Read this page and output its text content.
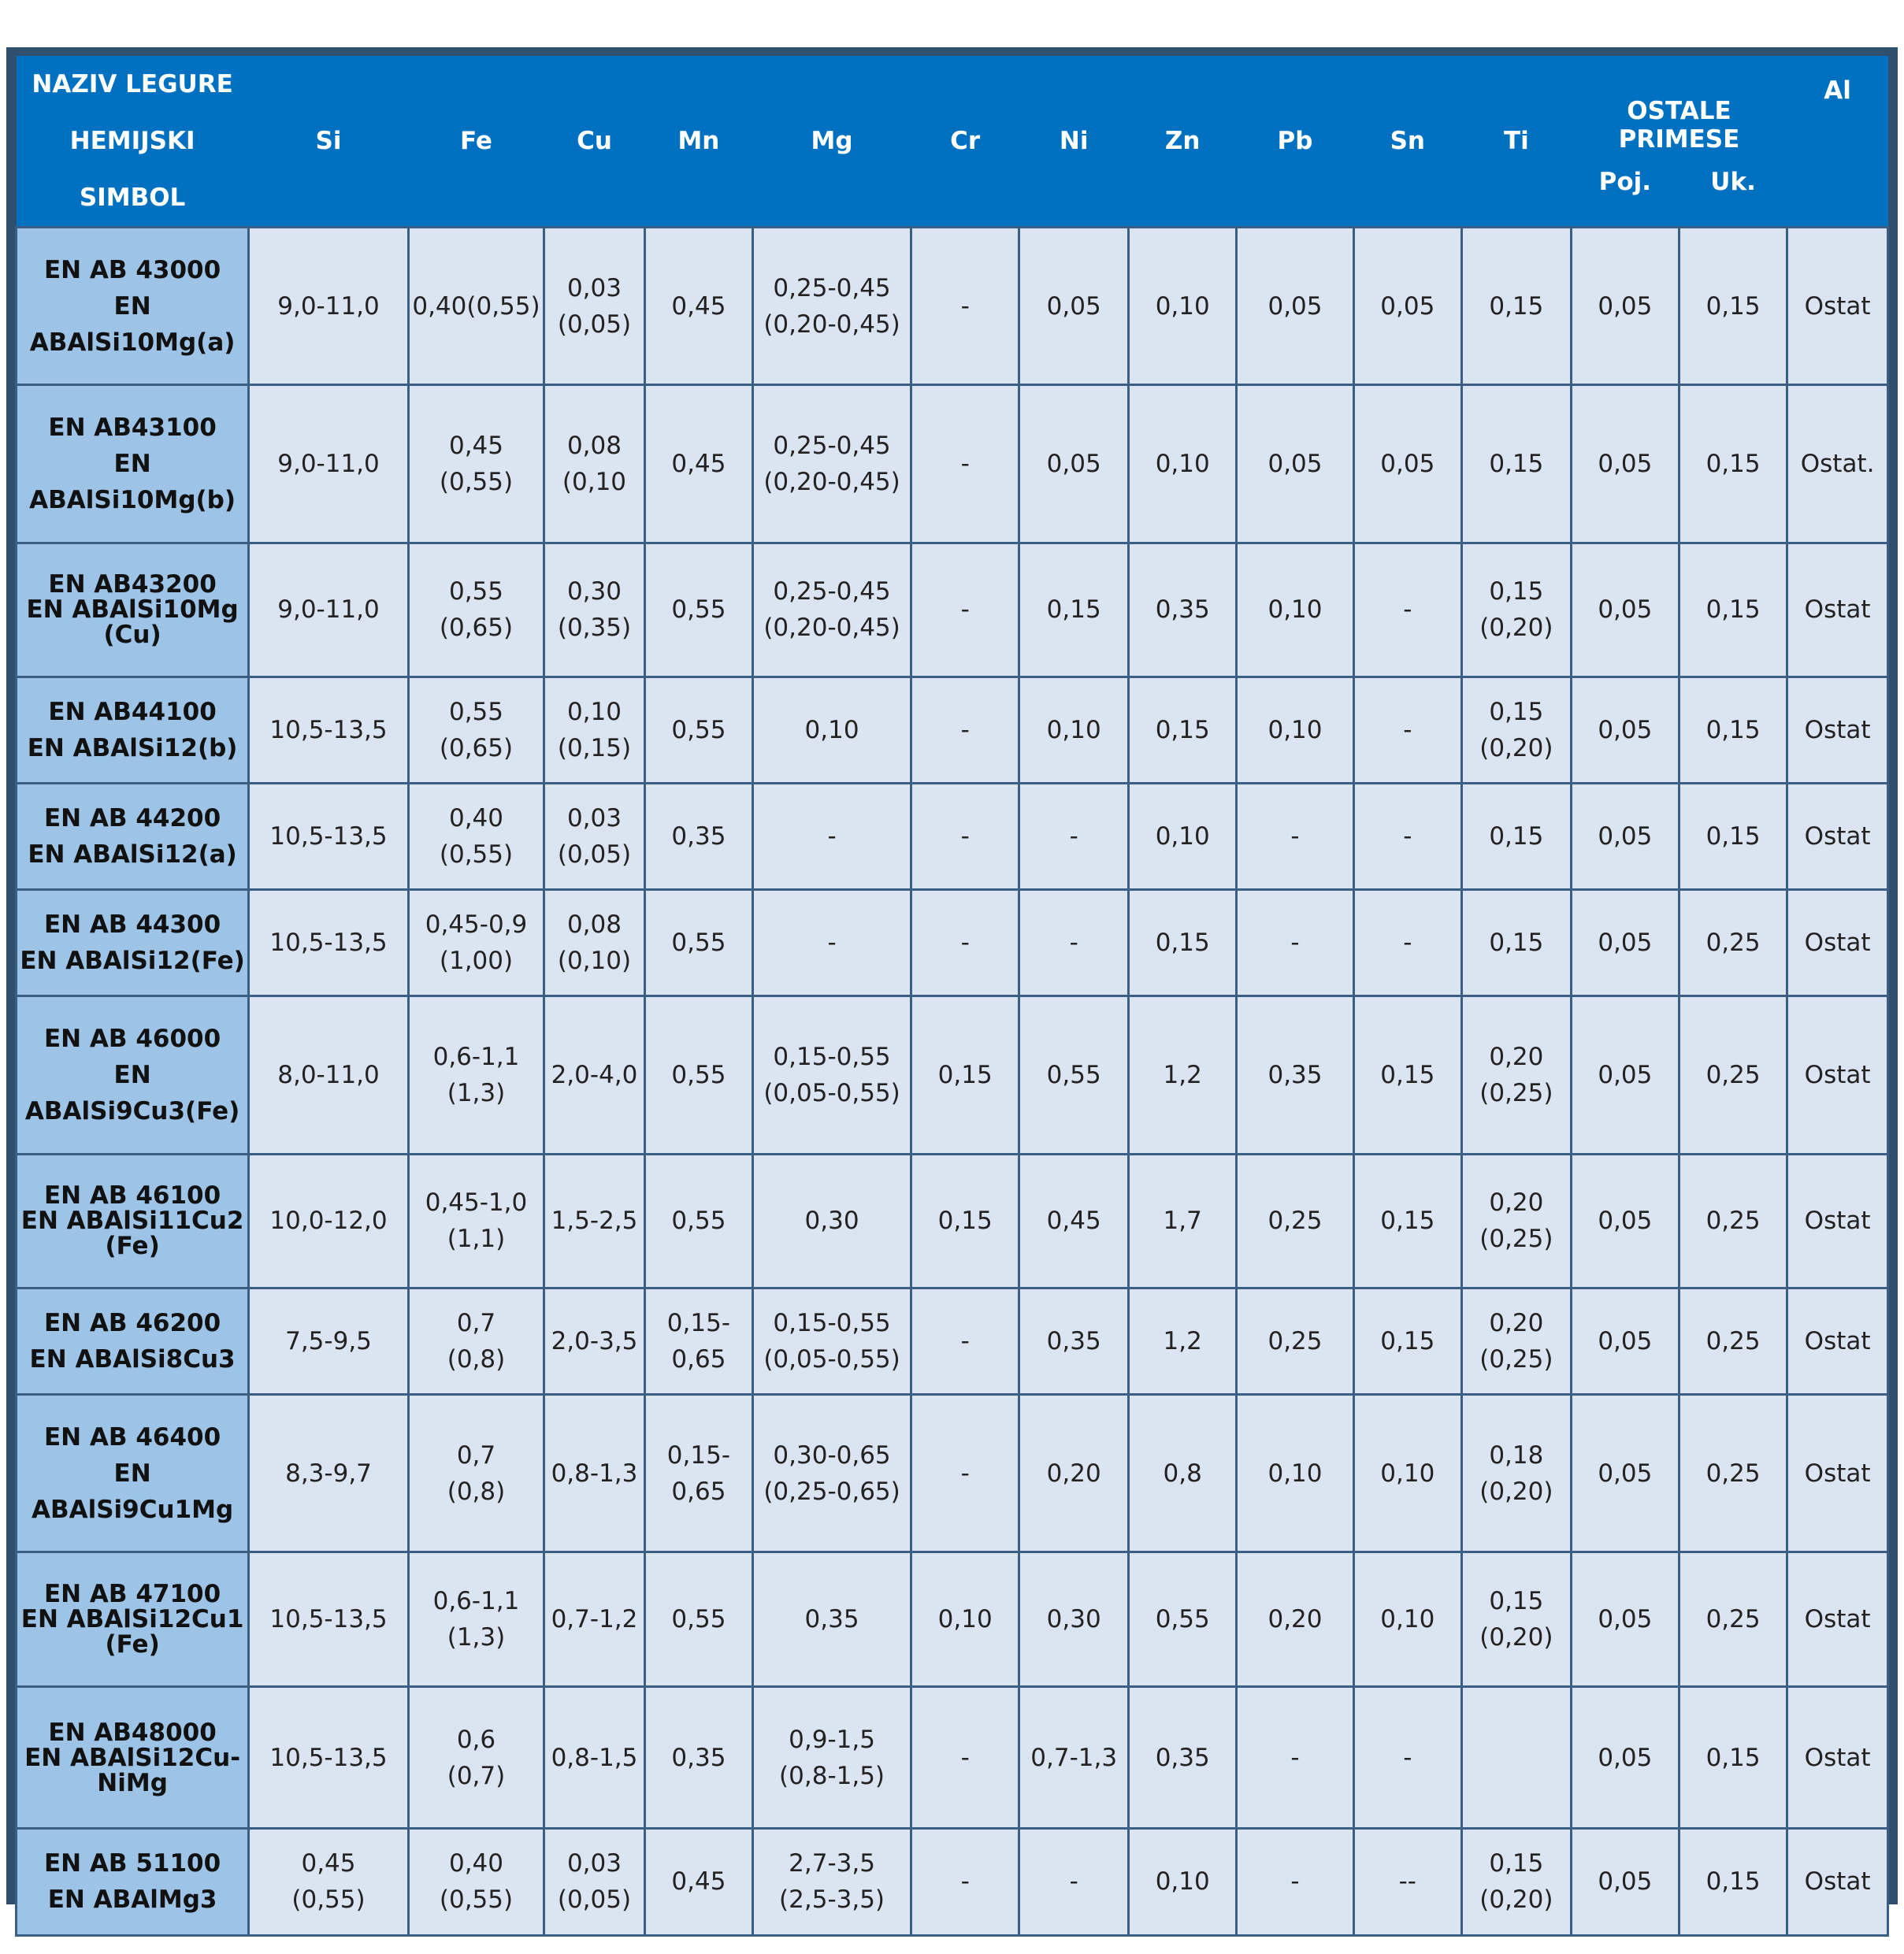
NAZIV LEGURE
HEMIJSKI SIMBOL	Si	Fe	Cu	Mn	Mg	Cr	Ni	Zn	Pb	Sn	Ti	OSTALE PRIMESE		Al
												Poj.	Uk.	

EN AB 43000
EN ABAlSi10Mg(a)	9,0-11,0	0,40(0,55)	0,03
(0,05)	0,45	0,25-0,45
(0,20-0,45)	-	0,05	0,10	0,05	0,05	0,15	0,05	0,15	Ostat

EN AB43100
EN ABAlSi10Mg(b)	9,0-11,0	0,45
(0,55)	0,08
(0,10	0,45	0,25-0,45
(0,20-0,45)	-	0,05	0,10	0,05	0,05	0,15	0,05	0,15	Ostat.

EN AB43200
EN ABAlSi10Mg
(Cu)	9,0-11,0	0,55
(0,65)	0,30
(0,35)	0,55	0,25-0,45
(0,20-0,45)	-	0,15	0,35	0,10	-	0,15
(0,20)	0,05	0,15	Ostat

EN AB44100
EN ABAlSi12(b)	10,5-13,5	0,55
(0,65)	0,10
(0,15)	0,55	0,10	-	0,10	0,15	0,10	-	0,15
(0,20)	0,05	0,15	Ostat

EN AB 44200
EN ABAlSi12(a)	10,5-13,5	0,40
(0,55)	0,03
(0,05)	0,35	-	-	-	0,10	-	-	0,15	0,05	0,15	Ostat

EN AB 44300
EN ABAlSi12(Fe)	10,5-13,5	0,45-0,9
(1,00)	0,08
(0,10)	0,55	-	-	-	0,15	-	-	0,15	0,05	0,25	Ostat

EN AB 46000
EN ABAlSi9Cu3(Fe)	8,0-11,0	0,6-1,1
(1,3)	2,0-4,0	0,55	0,15-0,55
(0,05-0,55)	0,15	0,55	1,2	0,35	0,15	0,20
(0,25)	0,05	0,25	Ostat

EN AB 46100
EN ABAlSi11Cu2
(Fe)	10,0-12,0	0,45-1,0
(1,1)	1,5-2,5	0,55	0,30	0,15	0,45	1,7	0,25	0,15	0,20
(0,25)	0,05	0,25	Ostat

EN AB 46200
EN ABAlSi8Cu3	7,5-9,5	0,7
(0,8)	2,0-3,5	0,15-
0,65	0,15-0,55
(0,05-0,55)	-	0,35	1,2	0,25	0,15	0,20
(0,25)	0,05	0,25	Ostat

EN AB 46400
EN ABAlSi9Cu1Mg	8,3-9,7	0,7
(0,8)	0,8-1,3	0,15-
0,65	0,30-0,65
(0,25-0,65)	-	0,20	0,8	0,10	0,10	0,18
(0,20)	0,05	0,25	Ostat

EN AB 47100
EN ABAlSi12Cu1
(Fe)	10,5-13,5	0,6-1,1
(1,3)	0,7-1,2	0,55	0,35	0,10	0,30	0,55	0,20	0,10	0,15
(0,20)	0,05	0,25	Ostat

EN AB48000
EN ABAlSi12Cu-
NiMg	10,5-13,5	0,6
(0,7)	0,8-1,5	0,35	0,9-1,5
(0,8-1,5)	-	0,7-1,3	0,35	-	-		0,05	0,15	Ostat

EN AB 51100
EN ABAlMg3	0,45
(0,55)	0,40
(0,55)	0,03
(0,05)	0,45	2,7-3,5
(2,5-3,5)	-	-	0,10	-	--	0,15
(0,20)	0,05	0,15	Ostat
